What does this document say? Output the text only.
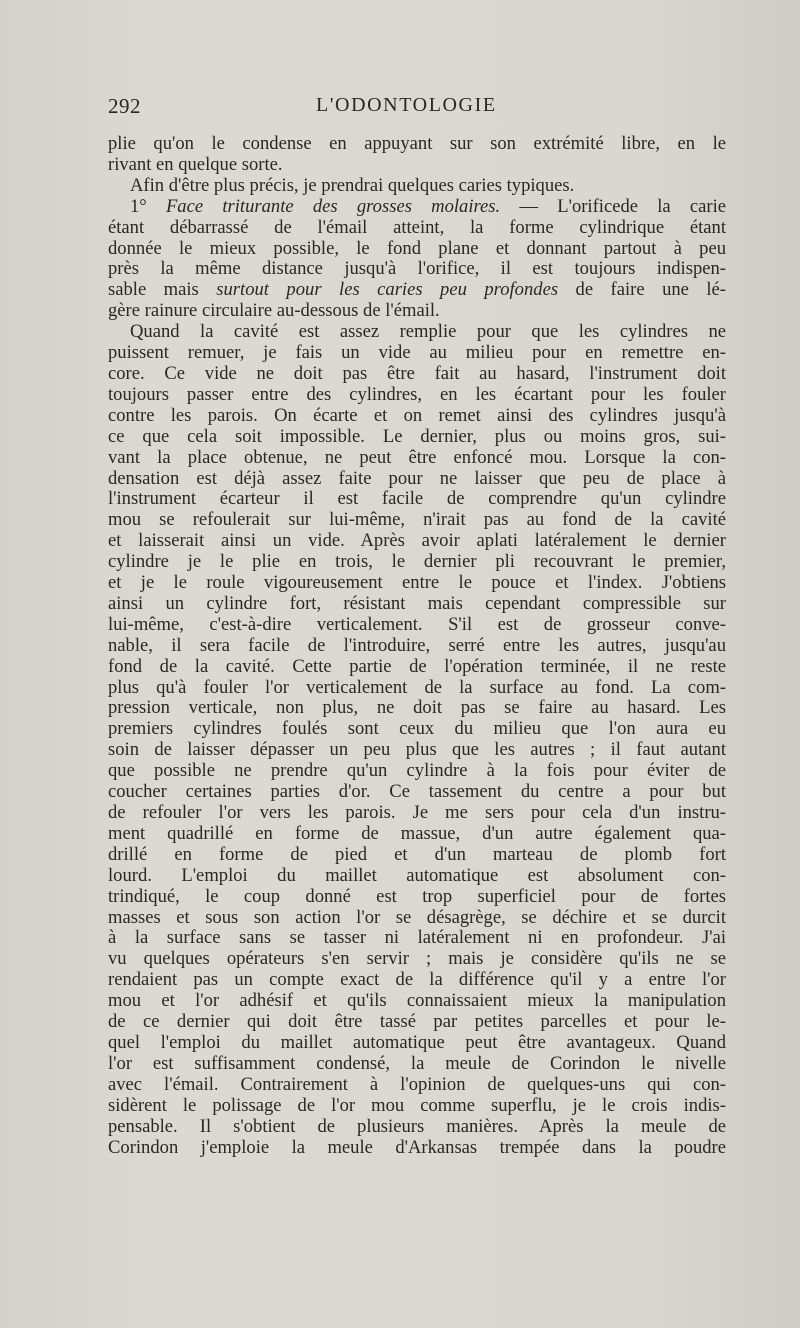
292	L'ODONTOLOGIE
plie qu'on le condense en appuyant sur son extrémité libre, en le
rivant en quelque sorte.
Afin d'être plus précis, je prendrai quelques caries typiques.
1° Face triturante des grosses molaires. — L'orificede la carie
étant débarrassé de l'émail atteint, la forme cylindrique étant
donnée le mieux possible, le fond plane et donnant partout à peu
près la même distance jusqu'à l'orifice, il est toujours indispen-
sable mais surtout pour les caries peu profondes de faire une lé-
gère rainure circulaire au-dessous de l'émail.
Quand la cavité est assez remplie pour que les cylindres ne
puissent remuer, je fais un vide au milieu pour en remettre en-
core. Ce vide ne doit pas être fait au hasard, l'instrument doit
toujours passer entre des cylindres, en les écartant pour les fouler
contre les parois. On écarte et on remet ainsi des cylindres jusqu'à
ce que cela soit impossible. Le dernier, plus ou moins gros, sui-
vant la place obtenue, ne peut être enfoncé mou. Lorsque la con-
densation est déjà assez faite pour ne laisser que peu de place à
l'instrument écarteur il est facile de comprendre qu'un cylindre
mou se refoulerait sur lui-même, n'irait pas au fond de la cavité
et laisserait ainsi un vide. Après avoir aplati latéralement le dernier
cylindre je le plie en trois, le dernier pli recouvrant le premier,
et je le roule vigoureusement entre le pouce et l'index. J'obtiens
ainsi un cylindre fort, résistant mais cependant compressible sur
lui-même, c'est-à-dire verticalement. S'il est de grosseur conve-
nable, il sera facile de l'introduire, serré entre les autres, jusqu'au
fond de la cavité. Cette partie de l'opération terminée, il ne reste
plus qu'à fouler l'or verticalement de la surface au fond. La com-
pression verticale, non plus, ne doit pas se faire au hasard. Les
premiers cylindres foulés sont ceux du milieu que l'on aura eu
soin de laisser dépasser un peu plus que les autres ; il faut autant
que possible ne prendre qu'un cylindre à la fois pour éviter de
coucher certaines parties d'or. Ce tassement du centre a pour but
de refouler l'or vers les parois. Je me sers pour cela d'un instru-
ment quadrillé en forme de massue, d'un autre également qua-
drillé en forme de pied et d'un marteau de plomb fort
lourd. L'emploi du maillet automatique est absolument con-
trindiqué, le coup donné est trop superficiel pour de fortes
masses et sous son action l'or se désagrège, se déchire et se durcit
à la surface sans se tasser ni latéralement ni en profondeur. J'ai
vu quelques opérateurs s'en servir ; mais je considère qu'ils ne se
rendaient pas un compte exact de la différence qu'il y a entre l'or
mou et l'or adhésif et qu'ils connaissaient mieux la manipulation
de ce dernier qui doit être tassé par petites parcelles et pour le-
quel l'emploi du maillet automatique peut être avantageux. Quand
l'or est suffisamment condensé, la meule de Corindon le nivelle
avec l'émail. Contrairement à l'opinion de quelques-uns qui con-
sidèrent le polissage de l'or mou comme superflu, je le crois indis-
pensable. Il s'obtient de plusieurs manières. Après la meule de
Corindon j'emploie la meule d'Arkansas trempée dans la poudre
